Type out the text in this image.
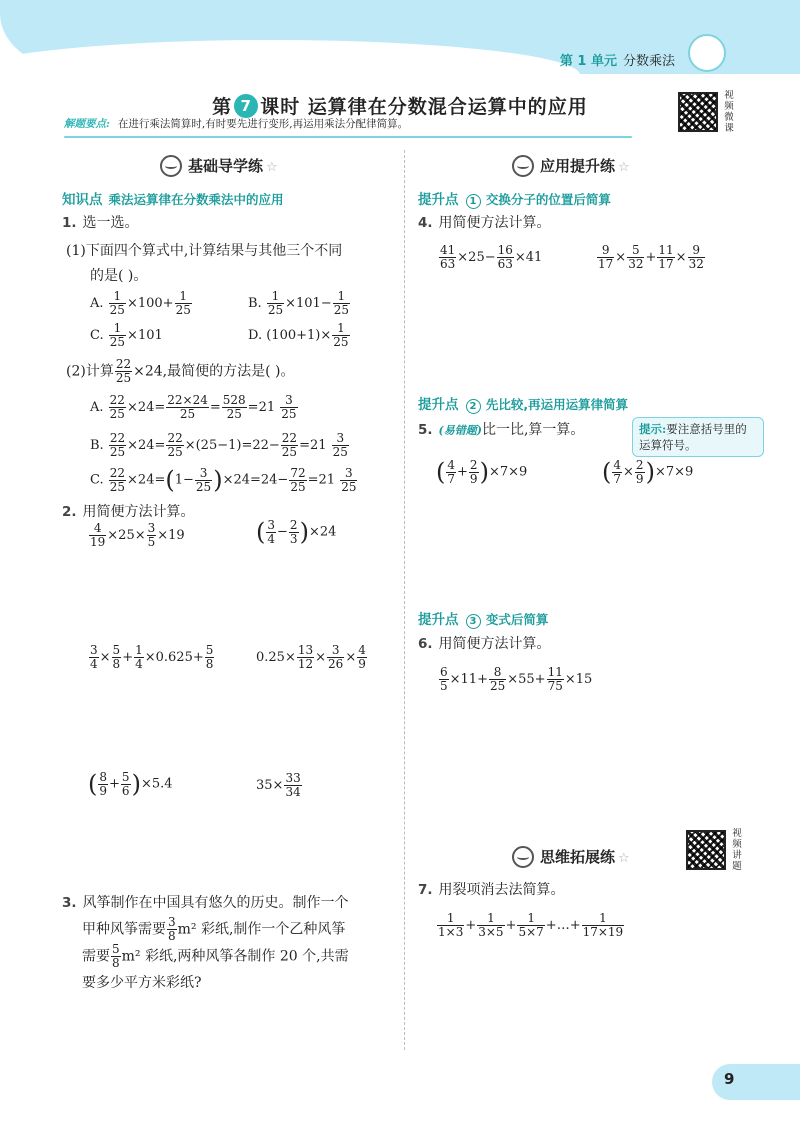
第 1 单元 分数乘法
第 7 课时 运算律在分数混合运算中的应用
视频微课
解题要点: 在进行乘法简算时,有时要先进行变形,再运用乘法分配律简算。
基础导学练 ☆
知识点 乘法运算律在分数乘法中的应用
1. 选一选。
(1)下面四个算式中,计算结果与其他三个不同
的是( )。
A. $\frac{1}{25} \times 100+ \frac{1}{25}$	B. $\frac{1}{25} \times 101- \frac{1}{25}$
C. $\frac{1}{25} \times 101$	D. $(100+1)\times \frac{1}{25}$
(2)计算 $\frac{22}{25} \times 24$,最简便的方法是( )。
A. $\frac{22}{25} \times 24= \frac{22\times 24}{25} = \frac{528}{25} =21 \frac{3}{25}$
B. $\frac{22}{25} \times 24= \frac{22}{25} \times(25-1)=22- \frac{22}{25} =21 \frac{3}{25}$
C. $\frac{22}{25} \times 24=(1- \frac{3}{25} )\times 24=24- \frac{72}{25} =21 \frac{3}{25}$
2. 用简便方法计算。
$\frac{4}{19} \times 25\times \frac{3}{5} \times 19$	( $\frac{3}{4} - \frac{2}{3} )\times 24$
$\frac{3}{4} \times \frac{5}{8} + \frac{1}{4} \times 0.625+ \frac{5}{8}$	$0.25\times \frac{13}{12} \times \frac{3}{26} \times \frac{4}{9}$
( $\frac{8}{9} + \frac{5}{6} )\times 5.4$	$35\times \frac{33}{34}$
3. 风筝制作在中国具有悠久的历史。制作一个
甲种风筝需要 $\frac{3}{8} m^2$ 彩纸,制作一个乙种风筝
需要 $\frac{5}{8} m^2$ 彩纸,两种风筝各制作 20 个,共需
要多少平方米彩纸?
应用提升练 ☆
提升点 1 交换分子的位置后简算
4. 用简便方法计算。
$\frac{41}{63} \times 25- \frac{16}{63} \times 41$	$\frac{9}{17} \times \frac{5}{32} + \frac{11}{17} \times \frac{9}{32}$
提升点 2 先比较,再运用运算律简算
5. (易错题)比一比,算一算。	提示:要注意括号里的运算符号。
( $\frac{4}{7} + \frac{2}{9} )\times 7\times 9$	( $\frac{4}{7} \times \frac{2}{9} )\times 7\times 9$
提升点 3 变式后简算
6. 用简便方法计算。
$\frac{6}{5} \times 11+ \frac{8}{25} \times 55+ \frac{11}{75} \times 15$
思维拓展练 ☆
视频讲题
7. 用裂项消去法简算。
$\frac{1}{1\times 3} + \frac{1}{3\times 5} + \frac{1}{5\times 7}$ +…+ $\frac{1}{17\times 19}$
9
